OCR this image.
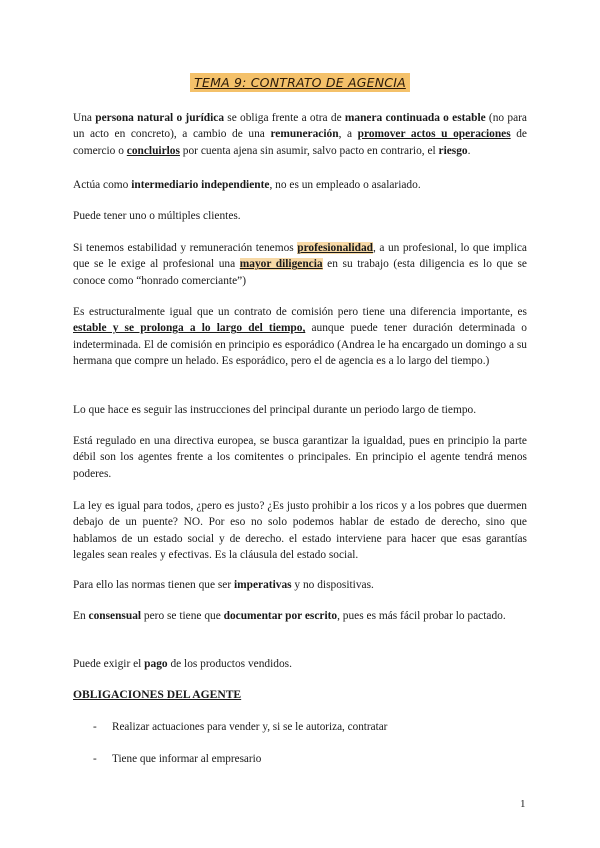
TEMA 9: CONTRATO DE AGENCIA

Una persona natural o jurídica se obliga frente a otra de manera continuada o estable (no para un acto en concreto), a cambio de una remuneración, a promover actos u operaciones de comercio o concluirlos por cuenta ajena sin asumir, salvo pacto en contrario, el riesgo.

Actúa como intermediario independiente, no es un empleado o asalariado.

Puede tener uno o múltiples clientes.

Si tenemos estabilidad y remuneración tenemos profesionalidad, a un profesional, lo que implica que se le exige al profesional una mayor diligencia en su trabajo (esta diligencia es lo que se conoce como “honrado comerciante”)

Es estructuralmente igual que un contrato de comisión pero tiene una diferencia importante, es estable y se prolonga a lo largo del tiempo, aunque puede tener duración determinada o indeterminada. El de comisión en principio es esporádico (Andrea le ha encargado un domingo a su hermana que compre un helado. Es esporádico, pero el de agencia es a lo largo del tiempo.)

Lo que hace es seguir las instrucciones del principal durante un periodo largo de tiempo.

Está regulado en una directiva europea, se busca garantizar la igualdad, pues en principio la parte débil son los agentes frente a los comitentes o principales. En principio el agente tendrá menos poderes.

La ley es igual para todos, ¿pero es justo? ¿Es justo prohibir a los ricos y a los pobres que duermen debajo de un puente? NO. Por eso no solo podemos hablar de estado de derecho, sino que hablamos de un estado social y de derecho. el estado interviene para hacer que esas garantías legales sean reales y efectivas. Es la cláusula del estado social.

Para ello las normas tienen que ser imperativas y no dispositivas.

En consensual pero se tiene que documentar por escrito, pues es más fácil probar lo pactado.

Puede exigir el pago de los productos vendidos.

OBLIGACIONES DEL AGENTE
- Realizar actuaciones para vender y, si se le autoriza, contratar
- Tiene que informar al empresario
1
